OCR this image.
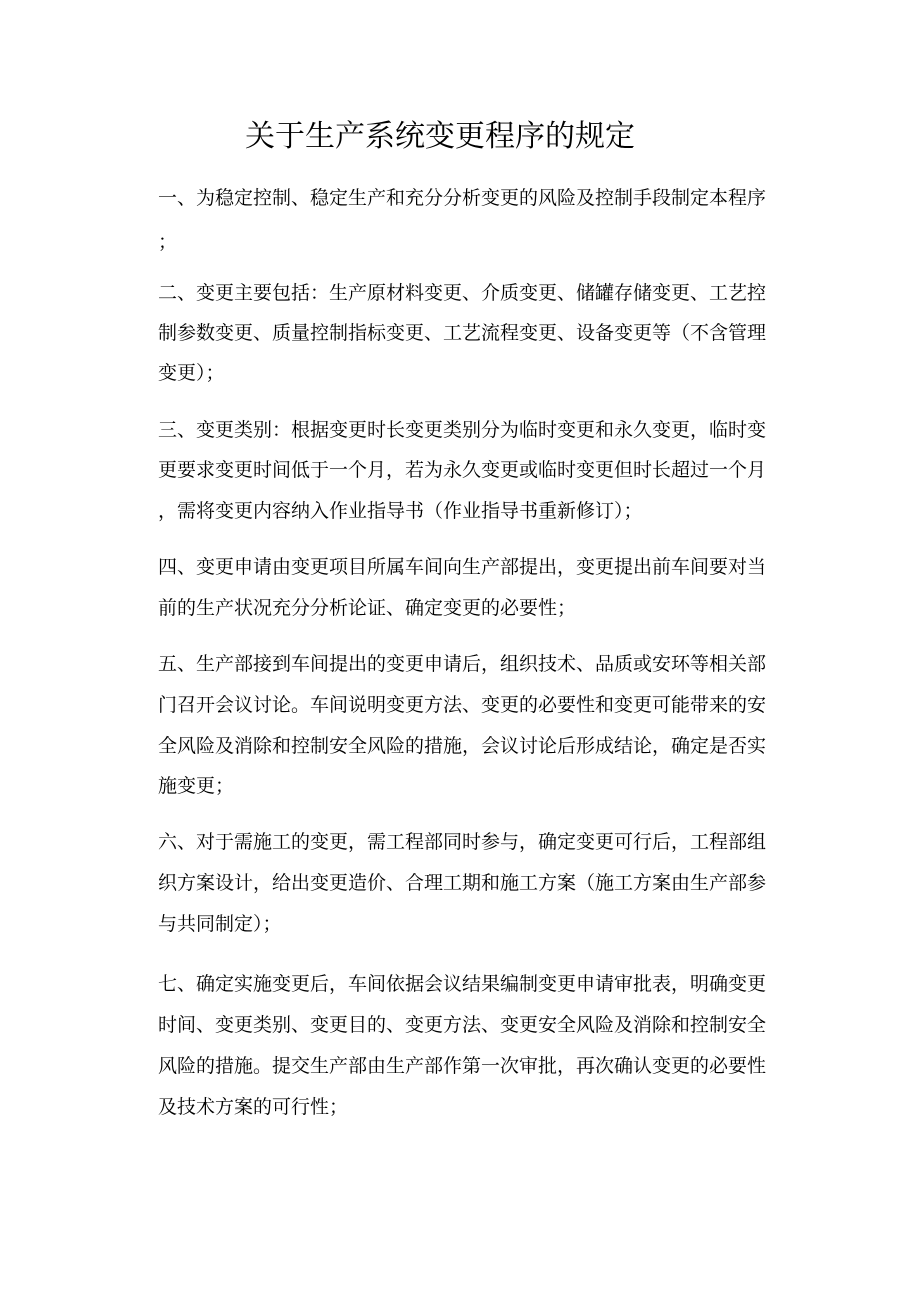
关于生产系统变更程序的规定

一、为稳定控制、稳定生产和充分分析变更的风险及控制手段制定本程序

；

二、变更主要包括：生产原材料变更、介质变更、储罐存储变更、工艺控

制参数变更、质量控制指标变更、工艺流程变更、设备变更等（不含管理

变更）；

三、变更类别：根据变更时长变更类别分为临时变更和永久变更，临时变

更要求变更时间低于一个月，若为永久变更或临时变更但时长超过一个月

，需将变更内容纳入作业指导书（作业指导书重新修订）；

四、变更申请由变更项目所属车间向生产部提出，变更提出前车间要对当

前的生产状况充分分析论证、确定变更的必要性；

五、生产部接到车间提出的变更申请后，组织技术、品质或安环等相关部

门召开会议讨论。车间说明变更方法、变更的必要性和变更可能带来的安

全风险及消除和控制安全风险的措施，会议讨论后形成结论，确定是否实

施变更；

六、对于需施工的变更，需工程部同时参与，确定变更可行后，工程部组

织方案设计，给出变更造价、合理工期和施工方案（施工方案由生产部参

与共同制定）；

七、确定实施变更后，车间依据会议结果编制变更申请审批表，明确变更

时间、变更类别、变更目的、变更方法、变更安全风险及消除和控制安全

风险的措施。提交生产部由生产部作第一次审批，再次确认变更的必要性

及技术方案的可行性；
